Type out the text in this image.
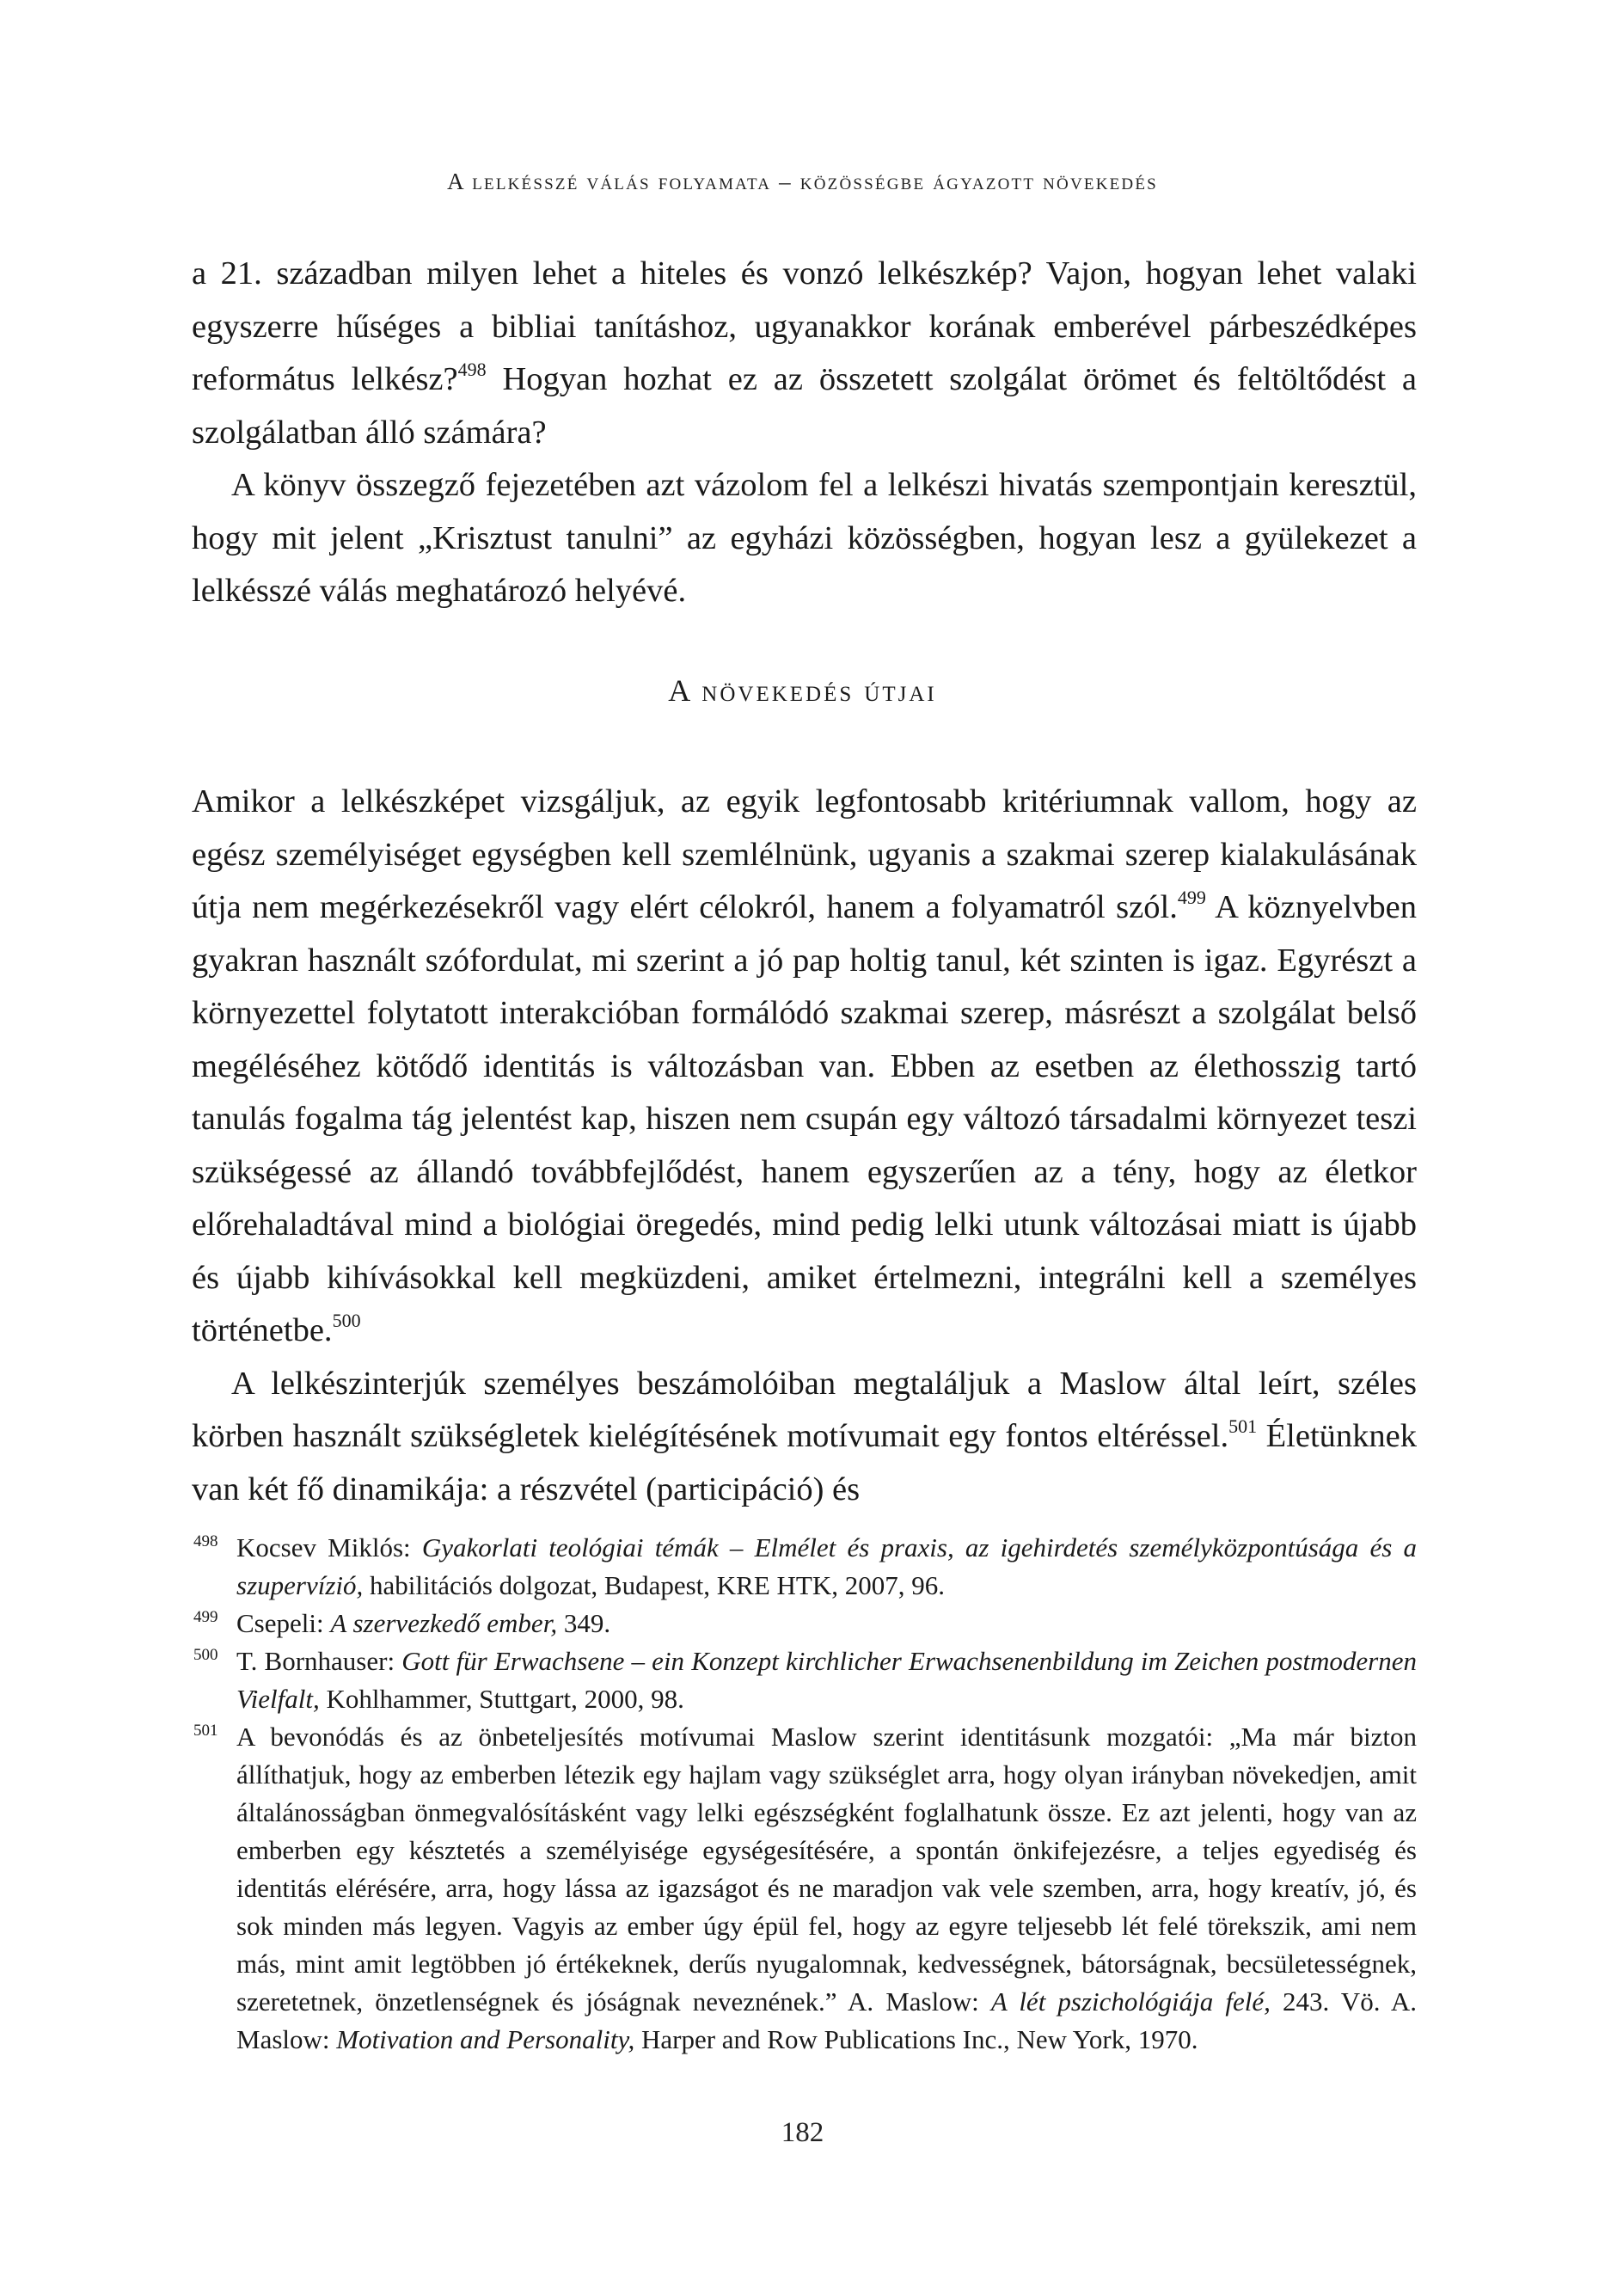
A lelkésszé válás folyamata – közösségbe ágyazott növekedés

a 21. században milyen lehet a hiteles és vonzó lelkészkép? Vajon, hogyan lehet valaki egyszerre hűséges a bibliai tanításhoz, ugyanakkor korának emberével párbeszédképes református lelkész?$^{498}$ Hogyan hozhat ez az összetett szolgálat örömet és feltöltődést a szolgálatban álló számára?

A könyv összegző fejezetében azt vázolom fel a lelkészi hivatás szempontjain keresztül, hogy mit jelent „Krisztust tanulni” az egyházi közösségben, hogyan lesz a gyülekezet a lelkésszé válás meghatározó helyévé.

A növekedés útjai

Amikor a lelkészképet vizsgáljuk, az egyik legfontosabb kritériumnak vallom, hogy az egész személyiséget egységben kell szemlélnünk, ugyanis a szakmai szerep kialakulásának útja nem megérkezésekről vagy elért célokról, hanem a folyamatról szól.$^{499}$ A köznyelvben gyakran használt szófordulat, mi szerint a jó pap holtig tanul, két szinten is igaz. Egyrészt a környezettel folytatott interakcióban formálódó szakmai szerep, másrészt a szolgálat belső megéléséhez kötődő identitás is változásban van. Ebben az esetben az élethosszig tartó tanulás fogalma tág jelentést kap, hiszen nem csupán egy változó társadalmi környezet teszi szükségessé az állandó továbbfejlődést, hanem egyszerűen az a tény, hogy az életkor előrehaladtával mind a biológiai öregedés, mind pedig lelki utunk változásai miatt is újabb és újabb kihívásokkal kell megküzdeni, amiket értelmezni, integrálni kell a személyes történetbe.$^{500}$

A lelkészinterjúk személyes beszámolóiban megtaláljuk a Maslow által leírt, széles körben használt szükségletek kielégítésének motívumait egy fontos eltéréssel.$^{501}$ Életünknek van két fő dinamikája: a részvétel (participáció) és

498 Kocsev Miklós: Gyakorlati teológiai témák – Elmélet és praxis, az igehirdetés személyközpontúsága és a szupervízió, habilitációs dolgozat, Budapest, KRE HTK, 2007, 96.

499 Csepeli: A szervezkedő ember, 349.

500 T. Bornhauser: Gott für Erwachsene – ein Konzept kirchlicher Erwachsenenbildung im Zeichen postmodernen Vielfalt, Kohlhammer, Stuttgart, 2000, 98.

501 A bevonódás és az önbeteljesítés motívumai Maslow szerint identitásunk mozgatói: „Ma már bizton állíthatjuk, hogy az emberben létezik egy hajlam vagy szükséglet arra, hogy olyan irányban növekedjen, amit általánosságban önmegvalósításként vagy lelki egészségként foglalhatunk össze. Ez azt jelenti, hogy van az emberben egy késztetés a személyisége egységesítésére, a spontán önkifejezésre, a teljes egyediség és identitás elérésére, arra, hogy lássa az igazságot és ne maradjon vak vele szemben, arra, hogy kreatív, jó, és sok minden más legyen. Vagyis az ember úgy épül fel, hogy az egyre teljesebb lét felé törekszik, ami nem más, mint amit legtöbben jó értékeknek, derűs nyugalomnak, kedvességnek, bátorságnak, becsületességnek, szeretetnek, önzetlenségnek és jóságnak neveznének.” A. Maslow: A lét pszichológiája felé, 243. Vö. A. Maslow: Motivation and Personality, Harper and Row Publications Inc., New York, 1970.

182
